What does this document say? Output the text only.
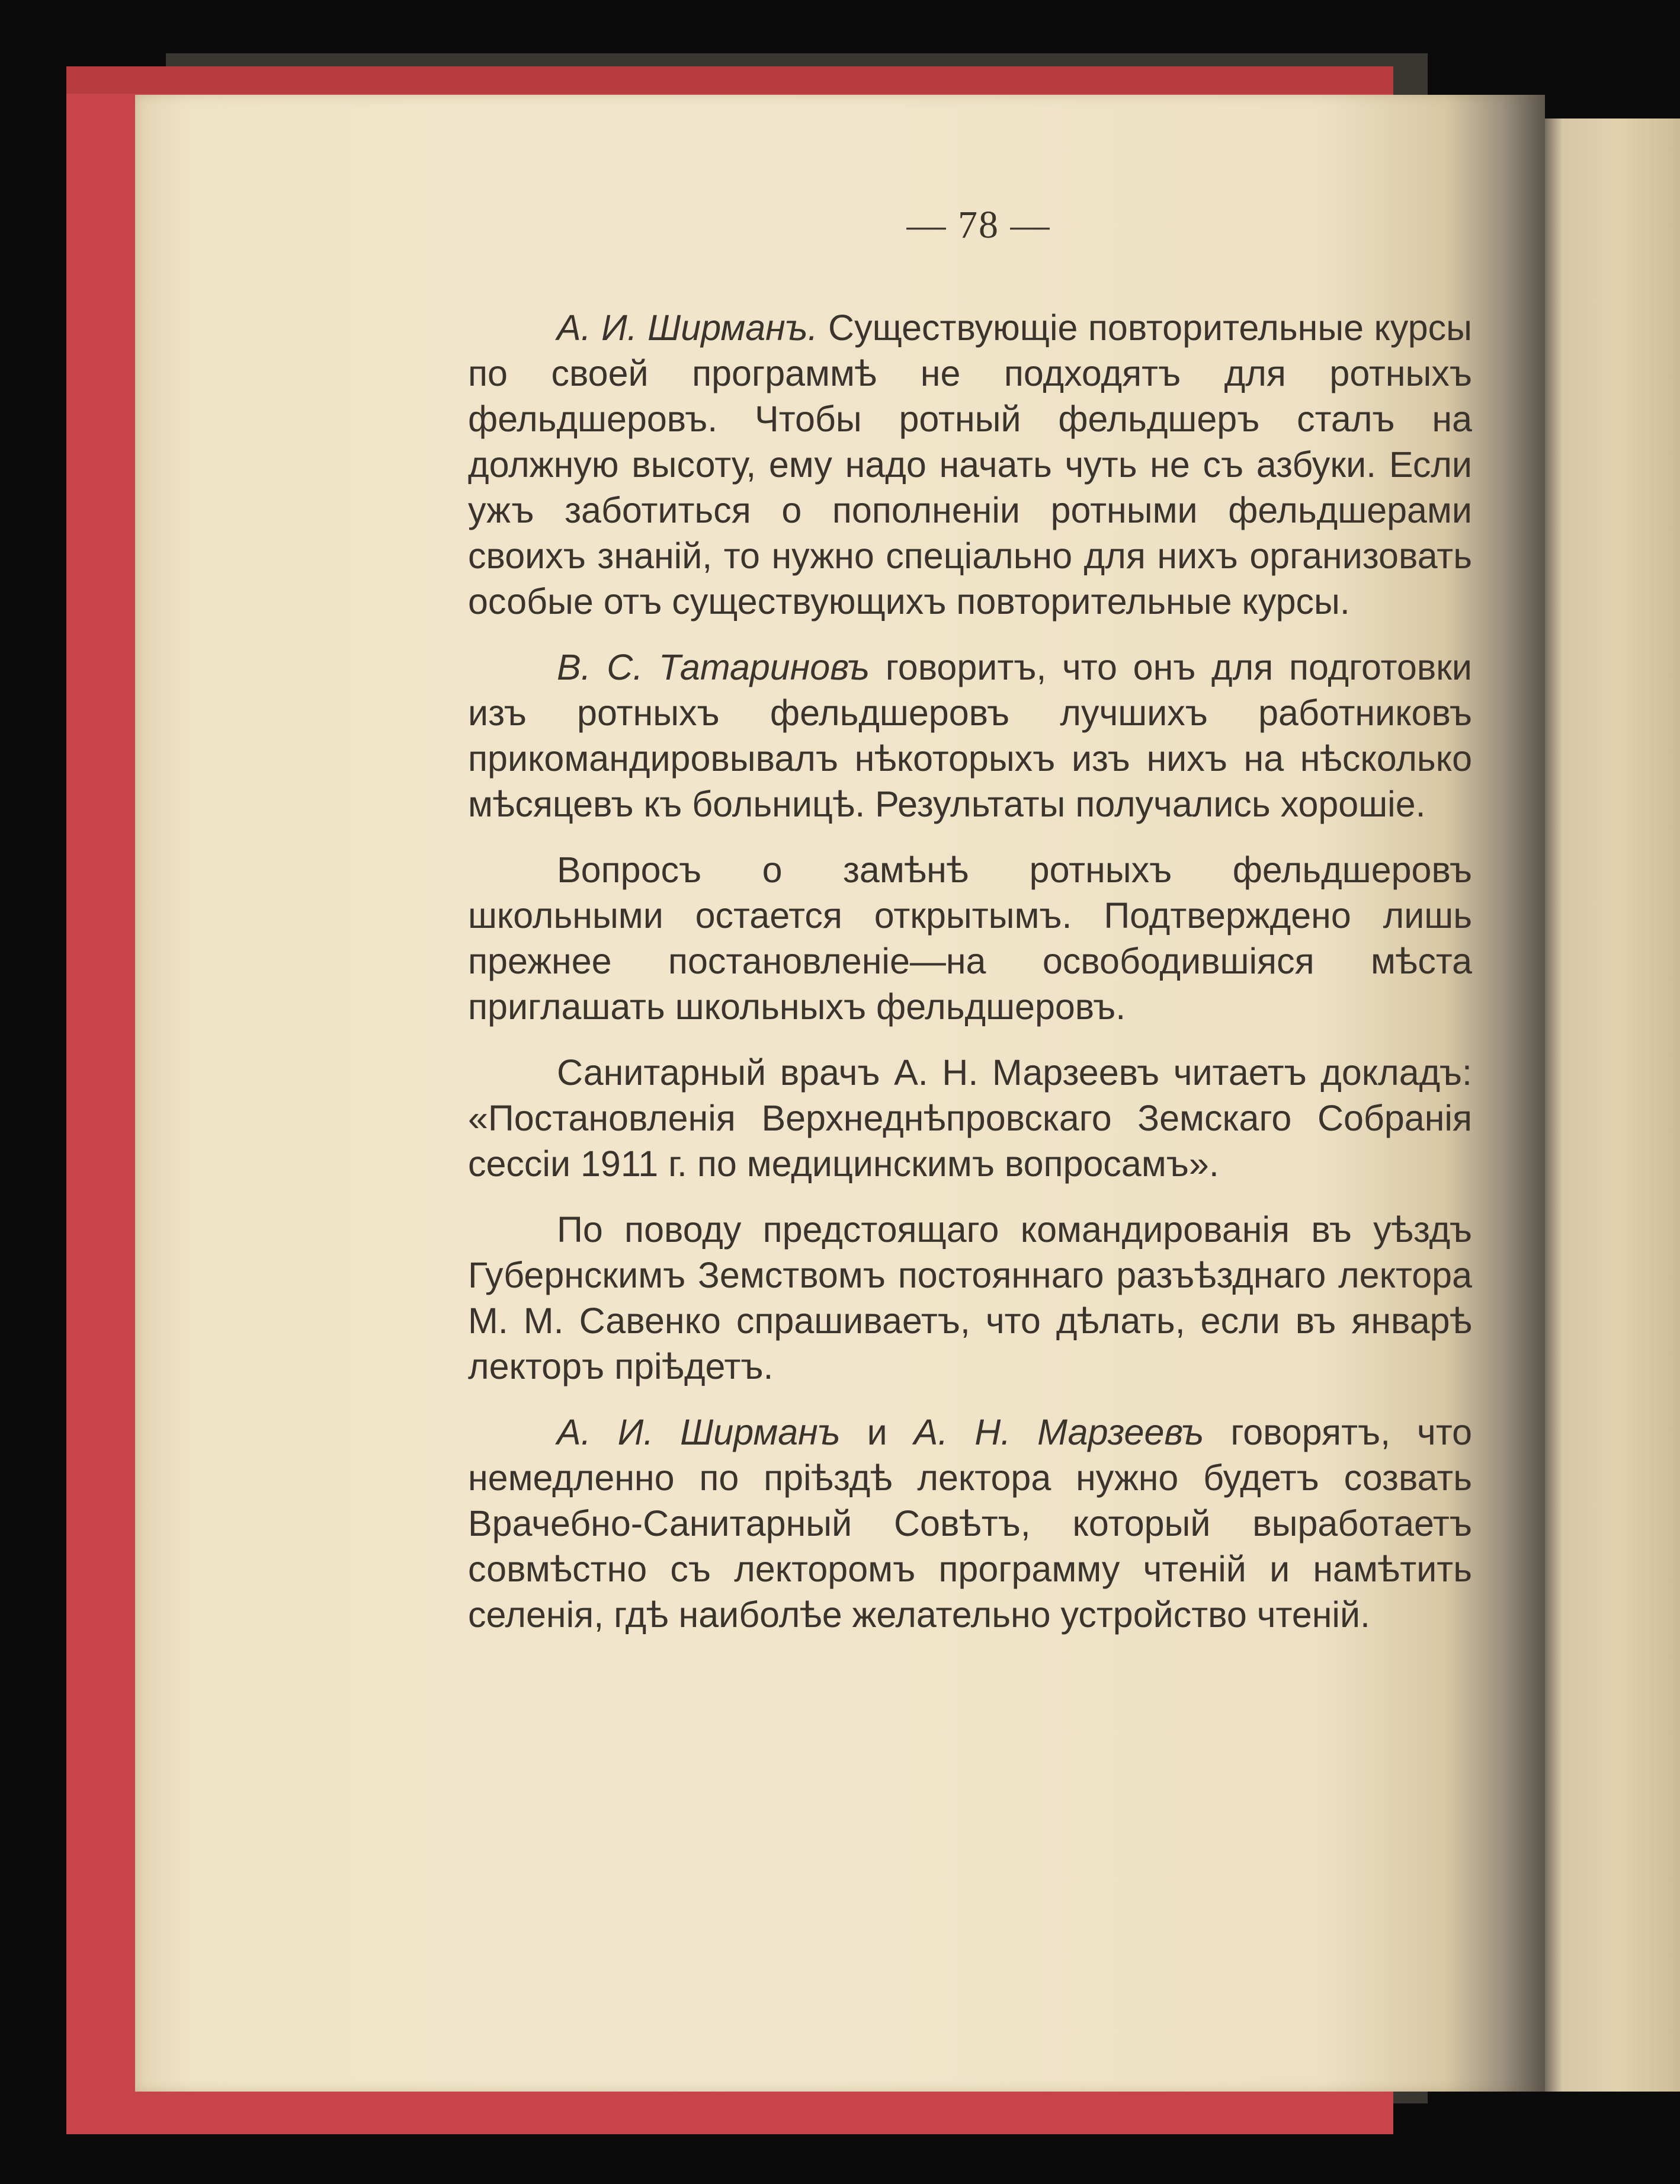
— 78 —

А. И. Ширманъ. Существующіе повторительные курсы по своей программѣ не подходятъ для ротныхъ фельдшеровъ. Чтобы ротный фельдшеръ сталъ на должную высоту, ему надо начать чуть не съ азбуки. Если ужъ заботиться о пополненіи ротными фельдшерами своихъ знаній, то нужно спеціально для нихъ организовать особые отъ существующихъ повторительные курсы.

В. С. Татариновъ говоритъ, что онъ для подготовки изъ ротныхъ фельдшеровъ лучшихъ работниковъ прикомандировывалъ нѣкоторыхъ изъ нихъ на нѣсколько мѣсяцевъ къ больницѣ. Результаты получались хорошіе.

Вопросъ о замѣнѣ ротныхъ фельдшеровъ школьными остается открытымъ. Подтверждено лишь прежнее постановленіе—на освободившіяся мѣста приглашать школьныхъ фельдшеровъ.

Санитарный врачъ А. Н. Марзеевъ читаетъ докладъ: «Постановленія Верхнеднѣпровскаго Земскаго Собранія сессіи 1911 г. по медицинскимъ вопросамъ».

По поводу предстоящаго командированія въ уѣздъ Губернскимъ Земствомъ постояннаго разъѣзднаго лектора М. М. Савенко спрашиваетъ, что дѣлать, если въ январѣ лекторъ пріѣдетъ.

А. И. Ширманъ и А. Н. Марзеевъ говорятъ, что немедленно по пріѣздѣ лектора нужно будетъ созвать Врачебно-Санитарный Совѣтъ, который выработаетъ совмѣстно съ лекторомъ программу чтеній и намѣтить селенія, гдѣ наиболѣе желательно устройство чтеній.
